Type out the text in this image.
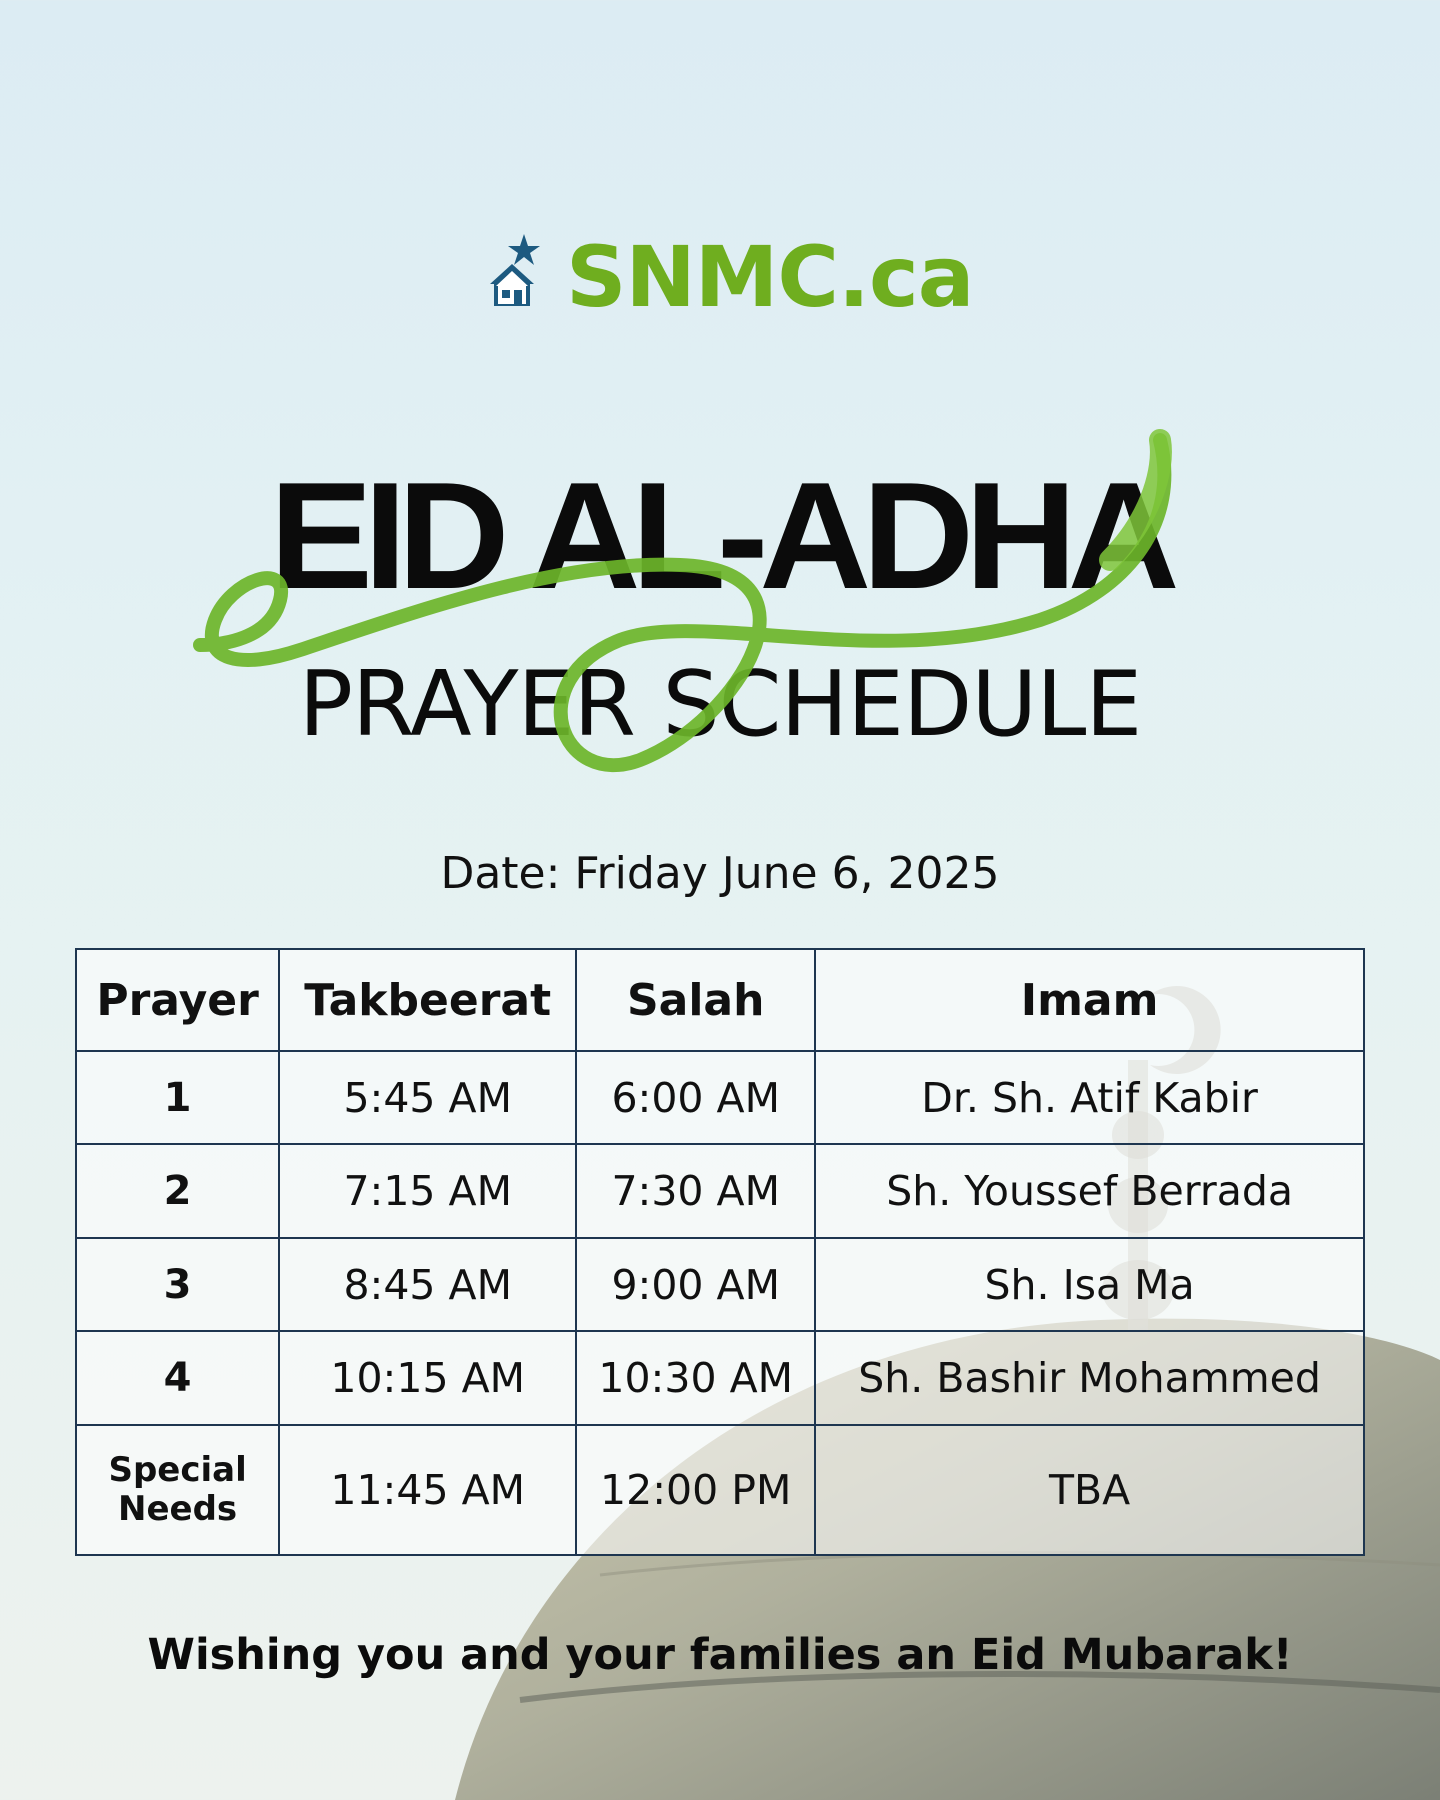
SNMC.ca
EID AL-ADHA
PRAYER SCHEDULE
Date: Friday June 6, 2025
Prayer	Takbeerat	Salah	Imam
1	5:45 AM	6:00 AM	Dr. Sh. Atif Kabir
2	7:15 AM	7:30 AM	Sh. Youssef Berrada
3	8:45 AM	9:00 AM	Sh. Isa Ma
4	10:15 AM	10:30 AM	Sh. Bashir Mohammed
Special
Needs	11:45 AM	12:00 PM	TBA
Wishing you and your families an Eid Mubarak!
